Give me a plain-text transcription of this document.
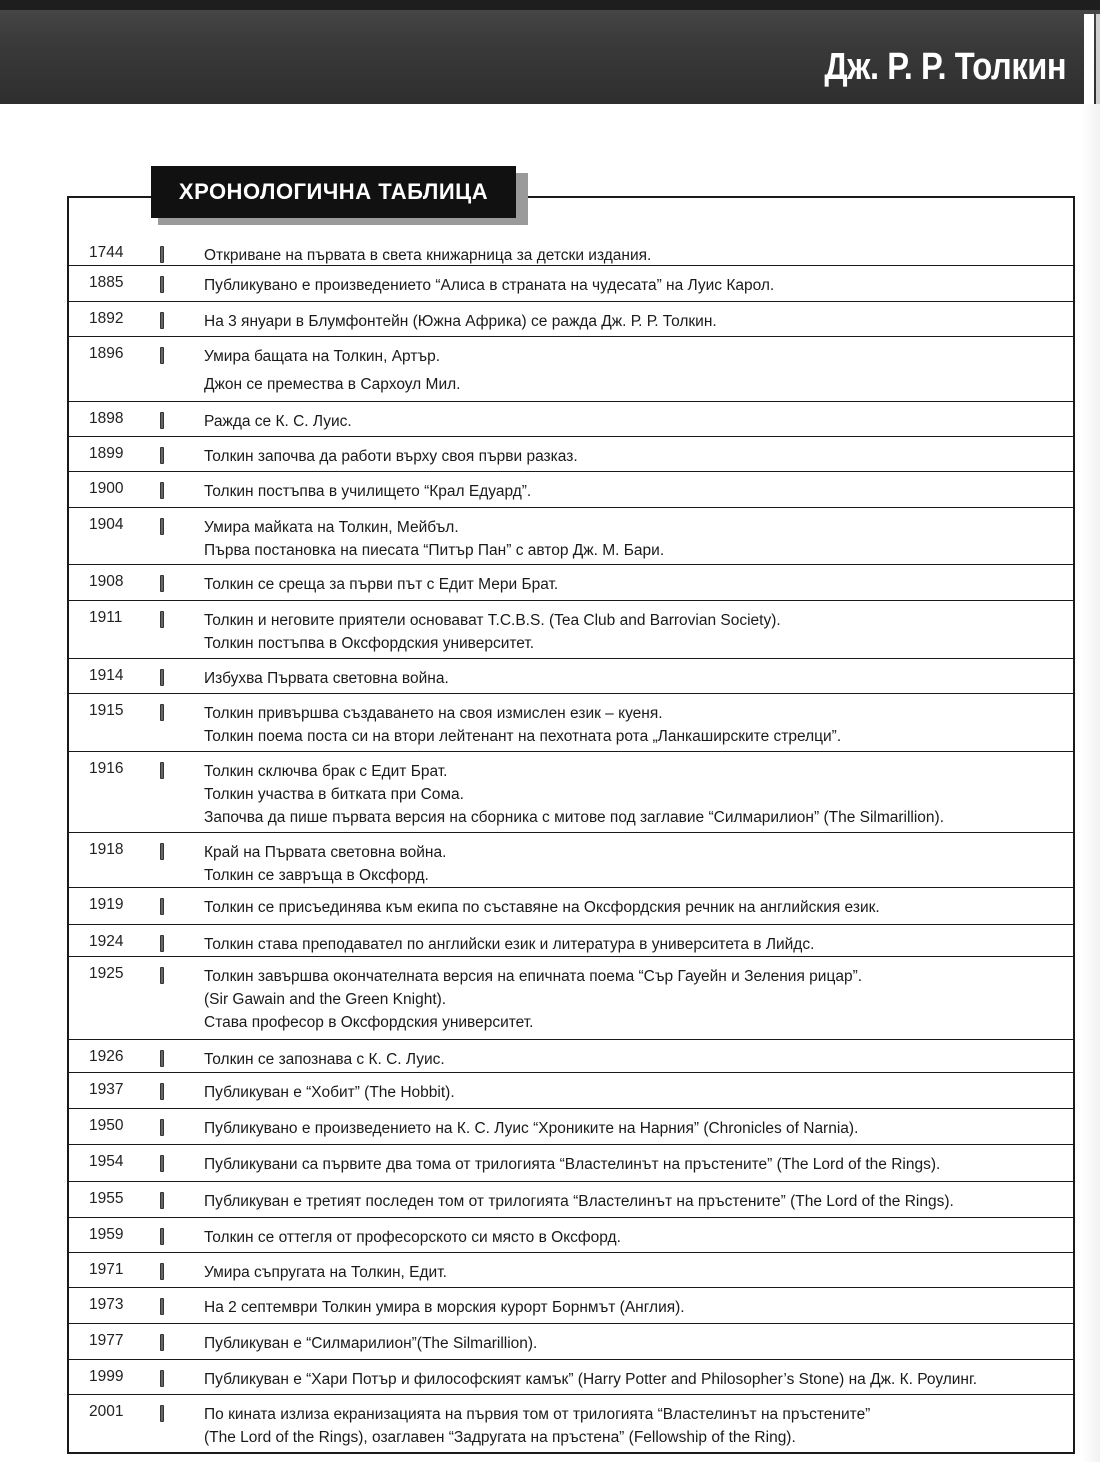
Дж. Р. Р. Толкин
ХРОНОЛОГИЧНА ТАБЛИЦА
1744	Откриване на първата в света книжарница за детски издания.
1885	Публикувано е произведението “Алиса в страната на чудесата” на Луис Карол.
1892	На 3 януари в Блумфонтейн (Южна Африка) се ражда Дж. Р. Р. Толкин.
1896	Умира бащата на Толкин, Артър.
Джон се премества в Сархоул Мил.
1898	Ражда се К. С. Луис.
1899	Толкин започва да работи върху своя първи разказ.
1900	Толкин постъпва в училището “Крал Едуард”.
1904	Умира майката на Толкин, Мейбъл.
Първа постановка на пиесата “Питър Пан” с автор Дж. М. Бари.
1908	Толкин се среща за първи път с Едит Мери Брат.
1911	Толкин и неговите приятели основават T.C.B.S. (Tea Club and Barrovian Society).
Толкин постъпва в Оксфордския университет.
1914	Избухва Първата световна война.
1915	Толкин привършва създаването на своя измислен език – куеня.
Толкин поема поста си на втори лейтенант на пехотната рота „Ланкаширските стрелци”.
1916	Толкин сключва брак с Едит Брат.
Толкин участва в битката при Сома.
Започва да пише първата версия на сборника с митове под заглавие “Силмарилион” (The Silmarillion).
1918	Край на Първата световна война.
Толкин се завръща в Оксфорд.
1919	Толкин се присъединява към екипа по съставяне на Оксфордския речник на английския език.
1924	Толкин става преподавател по английски език и литература в университета в Лийдс.
1925	Толкин завършва окончателната версия на епичната поема “Сър Гауейн и Зеления рицар”.
(Sir Gawain and the Green Knight).
Става професор в Оксфордския университет.
1926	Толкин се запознава с К. С. Луис.
1937	Публикуван е “Хобит” (The Hobbit).
1950	Публикувано е произведението на К. С. Луис “Хрониките на Нарния” (Chronicles of Narnia).
1954	Публикувани са първите два тома от трилогията “Властелинът на пръстените” (The Lord of the Rings).
1955	Публикуван е третият последен том от трилогията “Властелинът на пръстените” (The Lord of the Rings).
1959	Толкин се оттегля от професорското си място в Оксфорд.
1971	Умира съпругата на Толкин, Едит.
1973	На 2 септември Толкин умира в морския курорт Борнмът (Англия).
1977	Публикуван е “Силмарилион”(The Silmarillion).
1999	Публикуван е “Хари Потър и философският камък” (Harry Potter and Philosopher’s Stone) на Дж. К. Роулинг.
2001	По кината излиза екранизацията на първия том от трилогията “Властелинът на пръстените”
(The Lord of the Rings), озаглавен “Задругата на пръстена” (Fellowship of the Ring).
